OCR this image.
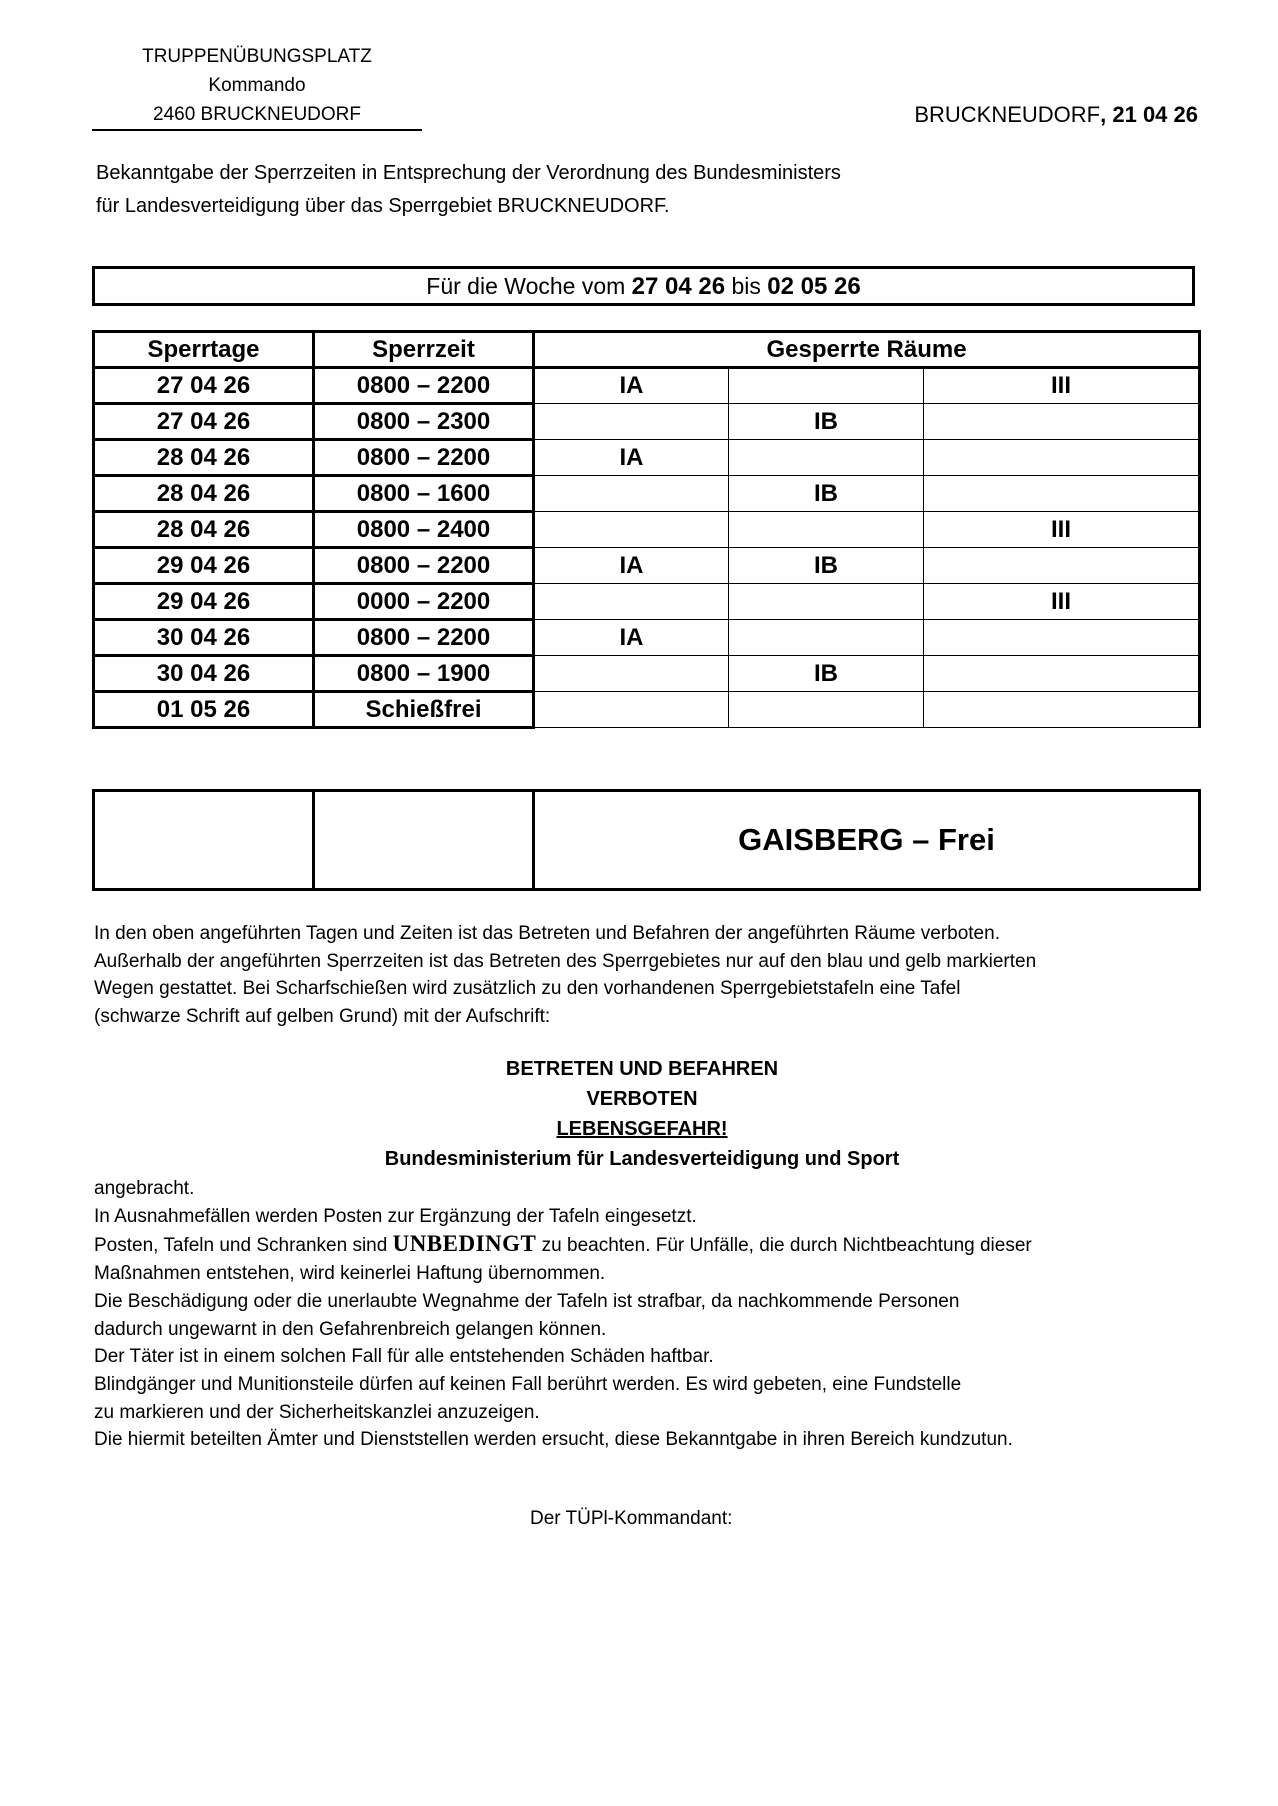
TRUPPENÜBUNGSPLATZ
Kommando
2460 BRUCKNEUDORF	BRUCKNEUDORF, 21 04 26
Bekanntgabe der Sperrzeiten in Entsprechung der Verordnung des Bundesministers
für Landesverteidigung über das Sperrgebiet BRUCKNEUDORF.
Für die Woche vom 27 04 26 bis 02 05 26
Sperrtage	Sperrzeit	Gesperrte Räume		
27 04 26	0800 – 2200	IA		III
27 04 26	0800 – 2300		IB	
28 04 26	0800 – 2200	IA		
28 04 26	0800 – 1600		IB	
28 04 26	0800 – 2400			III
29 04 26	0800 – 2200	IA	IB	
29 04 26	0000 – 2200			III
30 04 26	0800 – 2200	IA		
30 04 26	0800 – 1900		IB	
01 05 26	Schießfrei			
		GAISBERG – Frei
In den oben angeführten Tagen und Zeiten ist das Betreten und Befahren der angeführten Räume verboten.
Außerhalb der angeführten Sperrzeiten ist das Betreten des Sperrgebietes nur auf den blau und gelb markierten
Wegen gestattet. Bei Scharfschießen wird zusätzlich zu den vorhandenen Sperrgebietstafeln eine Tafel
(schwarze Schrift auf gelben Grund) mit der Aufschrift:
BETRETEN UND BEFAHREN
VERBOTEN
LEBENSGEFAHR!
Bundesministerium für Landesverteidigung und Sport
angebracht.
In Ausnahmefällen werden Posten zur Ergänzung der Tafeln eingesetzt.
Posten, Tafeln und Schranken sind UNBEDINGT zu beachten. Für Unfälle, die durch Nichtbeachtung dieser
Maßnahmen entstehen, wird keinerlei Haftung übernommen.
Die Beschädigung oder die unerlaubte Wegnahme der Tafeln ist strafbar, da nachkommende Personen
dadurch ungewarnt in den Gefahrenbreich gelangen können.
Der Täter ist in einem solchen Fall für alle entstehenden Schäden haftbar.
Blindgänger und Munitionsteile dürfen auf keinen Fall berührt werden. Es wird gebeten, eine Fundstelle
zu markieren und der Sicherheitskanzlei anzuzeigen.
Die hiermit beteilten Ämter und Dienststellen werden ersucht, diese Bekanntgabe in ihren Bereich kundzutun.
Der TÜPl-Kommandant:
